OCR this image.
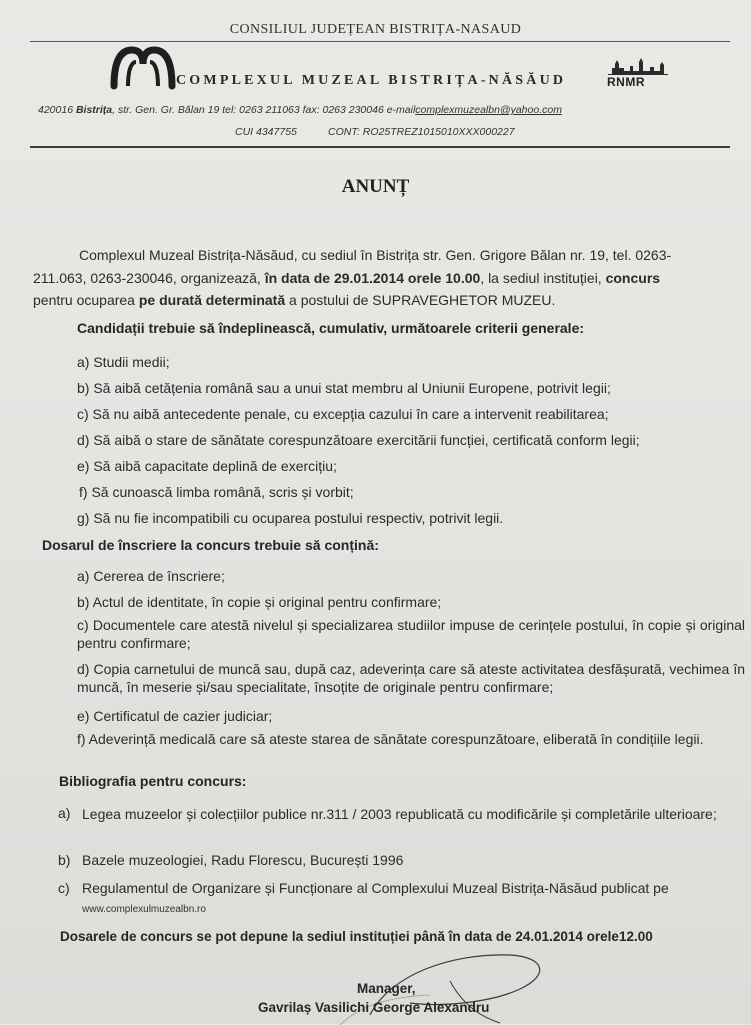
CONSILIUL JUDEȚEAN BISTRIȚA-NASAUD
COMPLEXUL MUZEAL BISTRIȚA-NĂSĂUD	RNMR
420016 Bistrița, str. Gen. Gr. Bălan 19 tel: 0263 211063 fax: 0263 230046 e-mailcomplexmuzealbn@yahoo.com
CUI 4347755	CONT: RO25TREZ1015010XXX000227
ANUNȚ
Complexul Muzeal Bistrița-Năsăud, cu sediul în Bistrița str. Gen. Grigore Bălan nr. 19, tel. 0263-
211.063, 0263-230046, organizează, în data de 29.01.2014 orele 10.00, la sediul instituției, concurs
pentru ocuparea pe durată determinată a postului de SUPRAVEGHETOR MUZEU.
Candidații trebuie să îndeplinească, cumulativ, următoarele criterii generale:
a) Studii medii;
b) Să aibă cetățenia română sau a unui stat membru al Uniunii Europene, potrivit legii;
c) Să nu aibă antecedente penale, cu excepția cazului în care a intervenit reabilitarea;
d) Să aibă o stare de sănătate corespunzătoare exercitării funcției, certificată conform legii;
e) Să aibă capacitate deplină de exercițiu;
f) Să cunoască limba română, scris și vorbit;
g) Să nu fie incompatibili cu ocuparea postului respectiv, potrivit legii.
Dosarul de înscriere la concurs trebuie să conțină:
a) Cererea de înscriere;
b) Actul de identitate, în copie și original pentru confirmare;
c) Documentele care atestă nivelul și specializarea studiilor impuse de cerințele postului, în copie și original pentru confirmare;
d) Copia carnetului de muncă sau, după caz, adeverința care să ateste activitatea desfășurată, vechimea în muncă, în meserie și/sau specialitate, însoțite de originale pentru confirmare;
e) Certificatul de cazier judiciar;
f) Adeverință medicală care să ateste starea de sănătate corespunzătoare, eliberată în condițiile legii.
Bibliografia pentru concurs:
a) Legea muzeelor și colecțiilor publice nr.311 / 2003 republicată cu modificările și completările ulterioare;
b) Bazele muzeologiei, Radu Florescu, București 1996
c) Regulamentul de Organizare și Funcționare al Complexului Muzeal Bistrița-Năsăud publicat pe
www.complexulmuzealbn.ro
Dosarele de concurs se pot depune la sediul instituției până în data de 24.01.2014 orele12.00
Manager,
Gavrilaș Vasilichi George Alexandru
